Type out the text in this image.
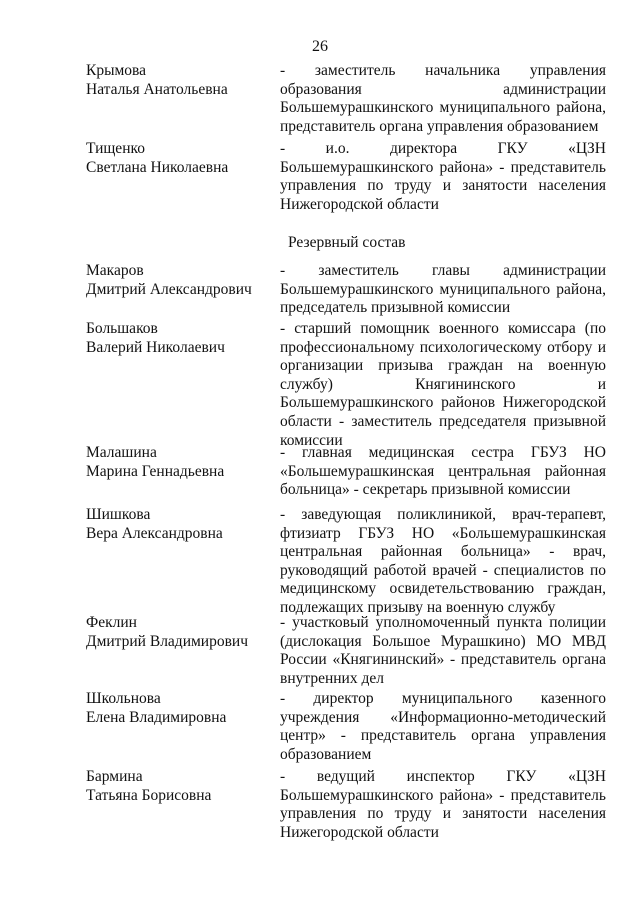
26
Крымова
Наталья Анатольевна
- заместитель начальника управления образования администрации Большемурашкинского муниципального района, представитель органа управления образованием
Тищенко
Светлана Николаевна
- и.о. директора ГКУ «ЦЗН Большемурашкинского района» - представитель управления по труду и занятости населения Нижегородской области
Резервный состав
Макаров
Дмитрий Александрович
- заместитель главы администрации Большемурашкинского муниципального района, председатель призывной комиссии
Большаков
Валерий Николаевич
- старший помощник военного комиссара (по профессиональному психологическому отбору и организации призыва граждан на военную службу) Княгининского и Большемурашкинского районов Нижегородской области - заместитель председателя призывной комиссии
Малашина
Марина Геннадьевна
- главная медицинская сестра ГБУЗ НО «Большемурашкинская центральная районная больница» - секретарь призывной комиссии
Шишкова
Вера Александровна
- заведующая поликлиникой, врач-терапевт, фтизиатр ГБУЗ НО «Большемурашкинская центральная районная больница» - врач, руководящий работой врачей - специалистов по медицинскому освидетельствованию граждан, подлежащих призыву на военную службу
Феклин
Дмитрий Владимирович
- участковый уполномоченный пункта полиции (дислокация Большое Мурашкино) МО МВД России «Княгининский» - представитель органа внутренних дел
Школьнова
Елена Владимировна
- директор муниципального казенного учреждения «Информационно-методический центр» - представитель органа управления образованием
Бармина
Татьяна Борисовна
- ведущий инспектор ГКУ «ЦЗН Большемурашкинского района» - представитель управления по труду и занятости населения Нижегородской области
